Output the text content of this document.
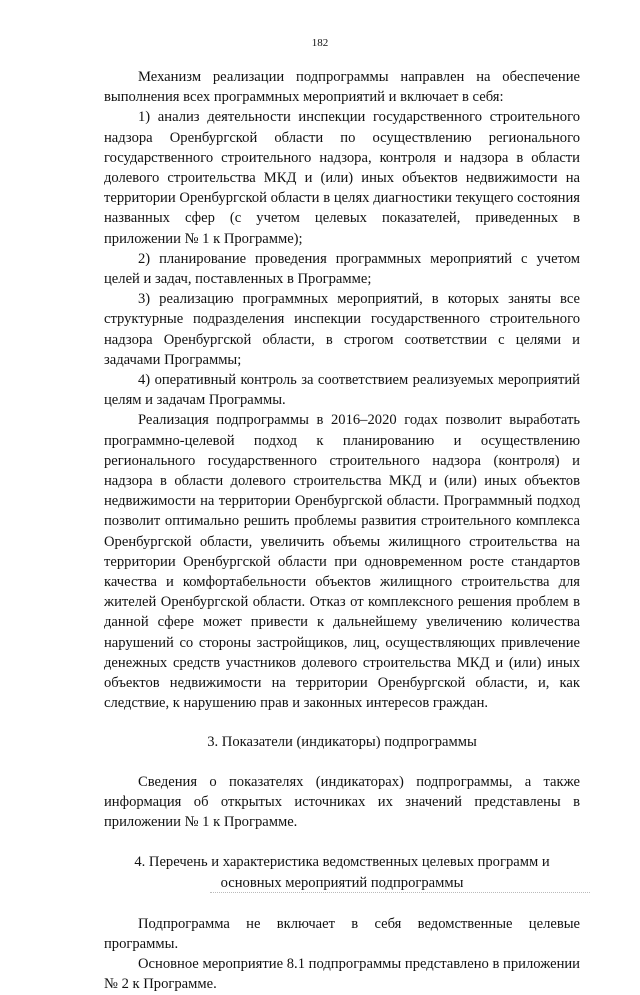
182

Механизм реализации подпрограммы направлен на обеспечение выполнения всех программных мероприятий и включает в себя:

1) анализ деятельности инспекции государственного строительного надзора Оренбургской области по осуществлению регионального государственного строительного надзора, контроля и надзора в области долевого строительства МКД и (или) иных объектов недвижимости на территории Оренбургской области в целях диагностики текущего состояния названных сфер (с учетом целевых показателей, приведенных в приложении № 1 к Программе);

2) планирование проведения программных мероприятий с учетом целей и задач, поставленных в Программе;

3) реализацию программных мероприятий, в которых заняты все структурные подразделения инспекции государственного строительного надзора Оренбургской области, в строгом соответствии с целями и задачами Программы;

4) оперативный контроль за соответствием реализуемых мероприятий целям и задачам Программы.

Реализация подпрограммы в 2016–2020 годах позволит выработать программно-целевой подход к планированию и осуществлению регионального государственного строительного надзора (контроля) и надзора в области долевого строительства МКД и (или) иных объектов недвижимости на территории Оренбургской области. Программный подход позволит оптимально решить проблемы развития строительного комплекса Оренбургской области, увеличить объемы жилищного строительства на территории Оренбургской области при одновременном росте стандартов качества и комфортабельности объектов жилищного строительства для жителей Оренбургской области. Отказ от комплексного решения проблем в данной сфере может привести к дальнейшему увеличению количества нарушений со стороны застройщиков, лиц, осуществляющих привлечение денежных средств участников долевого строительства МКД и (или) иных объектов недвижимости на территории Оренбургской области, и, как следствие, к нарушению прав и законных интересов граждан.

3. Показатели (индикаторы) подпрограммы

Сведения о показателях (индикаторах) подпрограммы, а также информация об открытых источниках их значений представлены в приложении № 1 к Программе.

4. Перечень и характеристика ведомственных целевых программ и
основных мероприятий подпрограммы

Подпрограмма не включает в себя ведомственные целевые программы.

Основное мероприятие 8.1 подпрограммы представлено в приложении № 2 к Программе.
